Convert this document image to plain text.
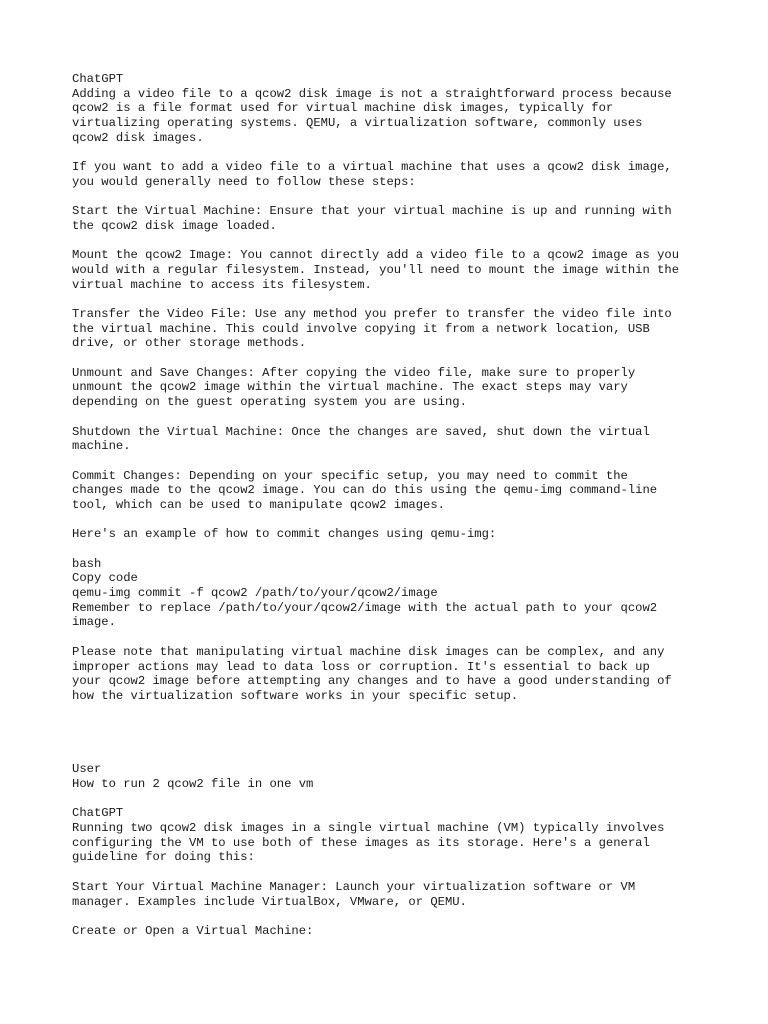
ChatGPT
Adding a video file to a qcow2 disk image is not a straightforward process because
qcow2 is a file format used for virtual machine disk images, typically for
virtualizing operating systems. QEMU, a virtualization software, commonly uses
qcow2 disk images.
If you want to add a video file to a virtual machine that uses a qcow2 disk image,
you would generally need to follow these steps:
Start the Virtual Machine: Ensure that your virtual machine is up and running with
the qcow2 disk image loaded.
Mount the qcow2 Image: You cannot directly add a video file to a qcow2 image as you
would with a regular filesystem. Instead, you'll need to mount the image within the
virtual machine to access its filesystem.
Transfer the Video File: Use any method you prefer to transfer the video file into
the virtual machine. This could involve copying it from a network location, USB
drive, or other storage methods.
Unmount and Save Changes: After copying the video file, make sure to properly
unmount the qcow2 image within the virtual machine. The exact steps may vary
depending on the guest operating system you are using.
Shutdown the Virtual Machine: Once the changes are saved, shut down the virtual
machine.
Commit Changes: Depending on your specific setup, you may need to commit the
changes made to the qcow2 image. You can do this using the qemu-img command-line
tool, which can be used to manipulate qcow2 images.
Here's an example of how to commit changes using qemu-img:
bash
Copy code
qemu-img commit -f qcow2 /path/to/your/qcow2/image
Remember to replace /path/to/your/qcow2/image with the actual path to your qcow2
image.
Please note that manipulating virtual machine disk images can be complex, and any
improper actions may lead to data loss or corruption. It's essential to back up
your qcow2 image before attempting any changes and to have a good understanding of
how the virtualization software works in your specific setup.
User
How to run 2 qcow2 file in one vm
ChatGPT
Running two qcow2 disk images in a single virtual machine (VM) typically involves
configuring the VM to use both of these images as its storage. Here's a general
guideline for doing this:
Start Your Virtual Machine Manager: Launch your virtualization software or VM
manager. Examples include VirtualBox, VMware, or QEMU.
Create or Open a Virtual Machine:
